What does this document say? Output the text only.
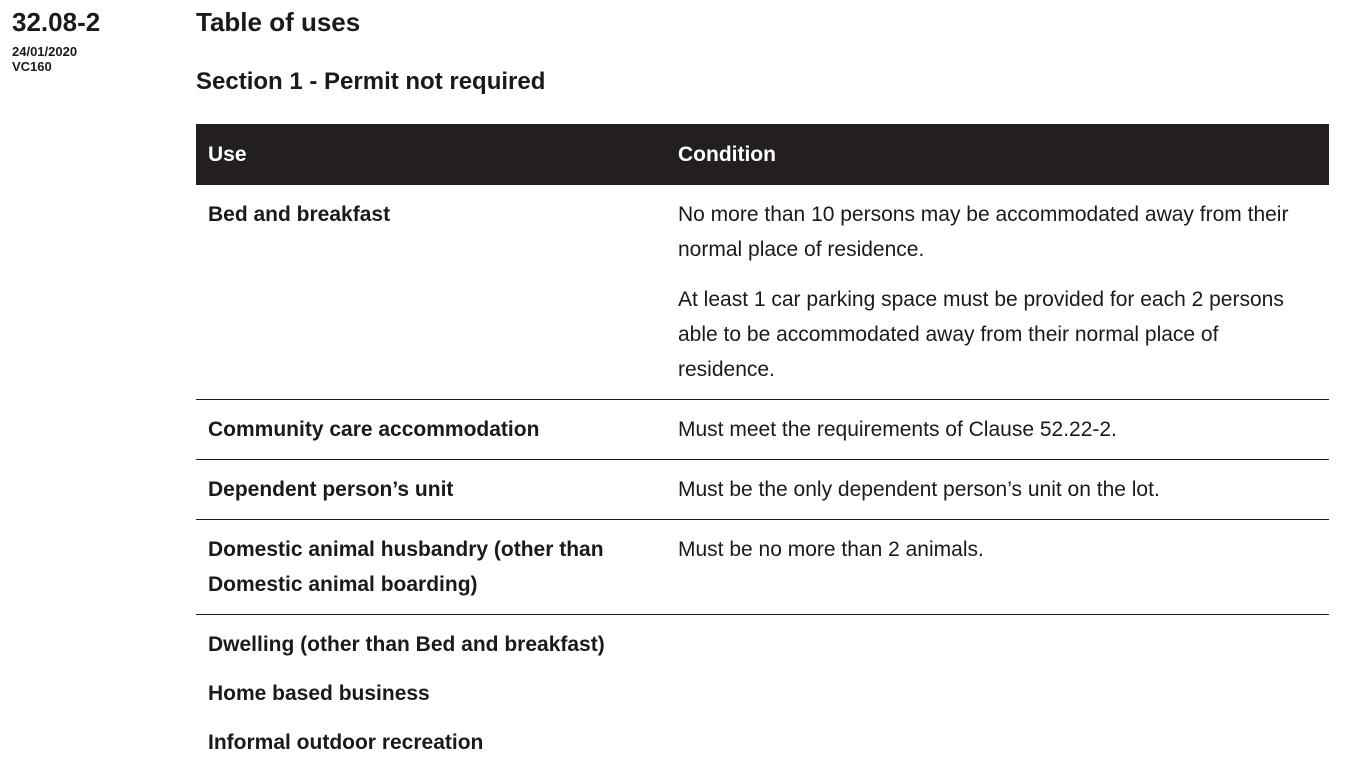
32.08-2
24/01/2020
VC160
Table of uses
Section 1 - Permit not required
Use	Condition
Bed and breakfast	No more than 10 persons may be accommodated away from their normal place of residence.

At least 1 car parking space must be provided for each 2 persons able to be accommodated away from their normal place of residence.

Community care accommodation	Must meet the requirements of Clause 52.22-2.

Dependent person’s unit	Must be the only dependent person’s unit on the lot.

Domestic animal husbandry (other than Domestic animal boarding)	Must be no more than 2 animals.

Dwelling (other than Bed and breakfast)	
Home based business	
Informal outdoor recreation	
